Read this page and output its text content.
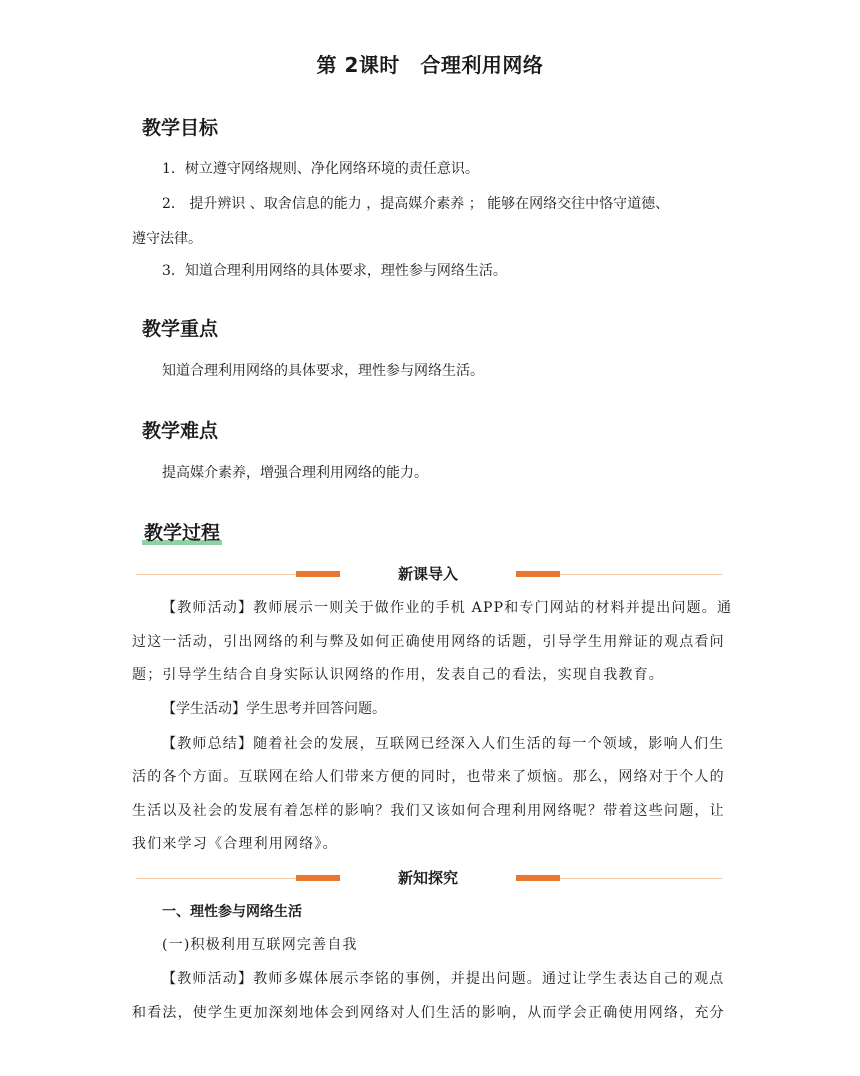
第 2课时　合理利用网络
教学目标
1．树立遵守网络规则、净化网络环境的责任意识。
2． 提升辨识 、取舍信息的能力 ，提高媒介素养 ； 能够在网络交往中恪守道德、
遵守法律。
3．知道合理利用网络的具体要求，理性参与网络生活。
教学重点
知道合理利用网络的具体要求，理性参与网络生活。
教学难点
提高媒介素养，增强合理利用网络的能力。
教学过程
新课导入
【教师活动】教师展示一则关于做作业的手机 APP和专门网站的材料并提出问题。通
过这一活动，引出网络的利与弊及如何正确使用网络的话题，引导学生用辩证的观点看问
题；引导学生结合自身实际认识网络的作用，发表自己的看法，实现自我教育。
【学生活动】学生思考并回答问题。
【教师总结】随着社会的发展，互联网已经深入人们生活的每一个领域，影响人们生
活的各个方面。互联网在给人们带来方便的同时，也带来了烦恼。那么，网络对于个人的
生活以及社会的发展有着怎样的影响？我们又该如何合理利用网络呢？带着这些问题，让
我们来学习《合理利用网络》。
新知探究
一、理性参与网络生活
(一)积极利用互联网完善自我
【教师活动】教师多媒体展示李铭的事例，并提出问题。通过让学生表达自己的观点
和看法，使学生更加深刻地体会到网络对人们生活的影响，从而学会正确使用网络，充分
